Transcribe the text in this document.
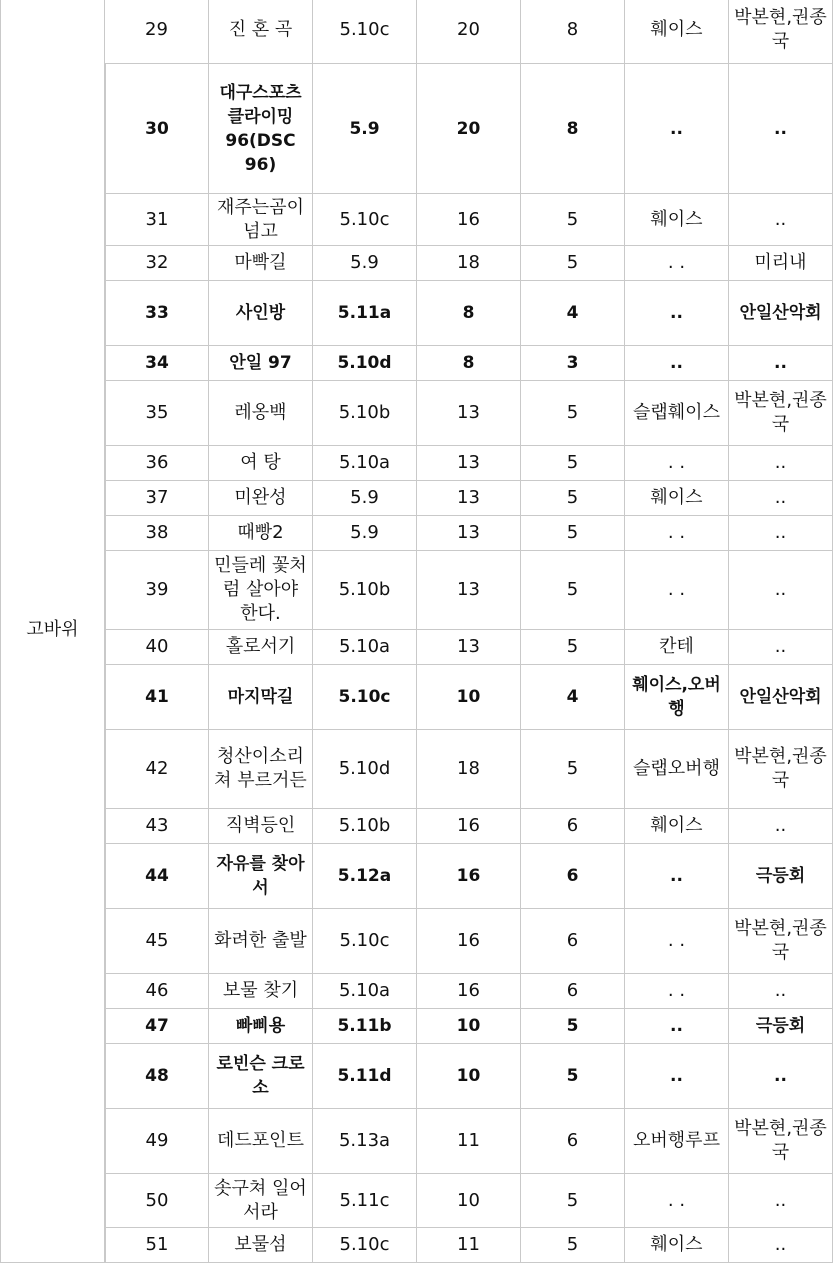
고바위	29	진 혼 곡	5.10c	20	8	훼이스	박본현,권종국
	30	대구스포츠클라이밍96(DSC 96)	5.9	20	8	..	..
	31	재주는곰이넘고	5.10c	16	5	훼이스	..
	32	마빡길	5.9	18	5	. .	미리내
	33	사인방	5.11a	8	4	..	안일산악회
	34	안일 97	5.10d	8	3	..	..
	35	레옹백	5.10b	13	5	슬랩훼이스	박본현,권종국
	36	여 탕	5.10a	13	5	. .	..
	37	미완성	5.9	13	5	훼이스	..
	38	때빵2	5.9	13	5	. .	..
	39	민들레 꽃처럼 살아야 한다.	5.10b	13	5	. .	..
	40	홀로서기	5.10a	13	5	칸테	..
	41	마지막길	5.10c	10	4	훼이스,오버행	안일산악회
	42	청산이소리쳐 부르거든	5.10d	18	5	슬랩오버행	박본현,권종국
	43	직벽등인	5.10b	16	6	훼이스	..
	44	자유를 찾아서	5.12a	16	6	..	극등회
	45	화려한 출발	5.10c	16	6	. .	박본현,권종국
	46	보물 찾기	5.10a	16	6	. .	..
	47	빠삐용	5.11b	10	5	..	극등회
	48	로빈슨 크로소	5.11d	10	5	..	..
	49	데드포인트	5.13a	11	6	오버행루프	박본현,권종국
	50	솟구쳐 일어서라	5.11c	10	5	. .	..
	51	보물섬	5.10c	11	5	훼이스	..
